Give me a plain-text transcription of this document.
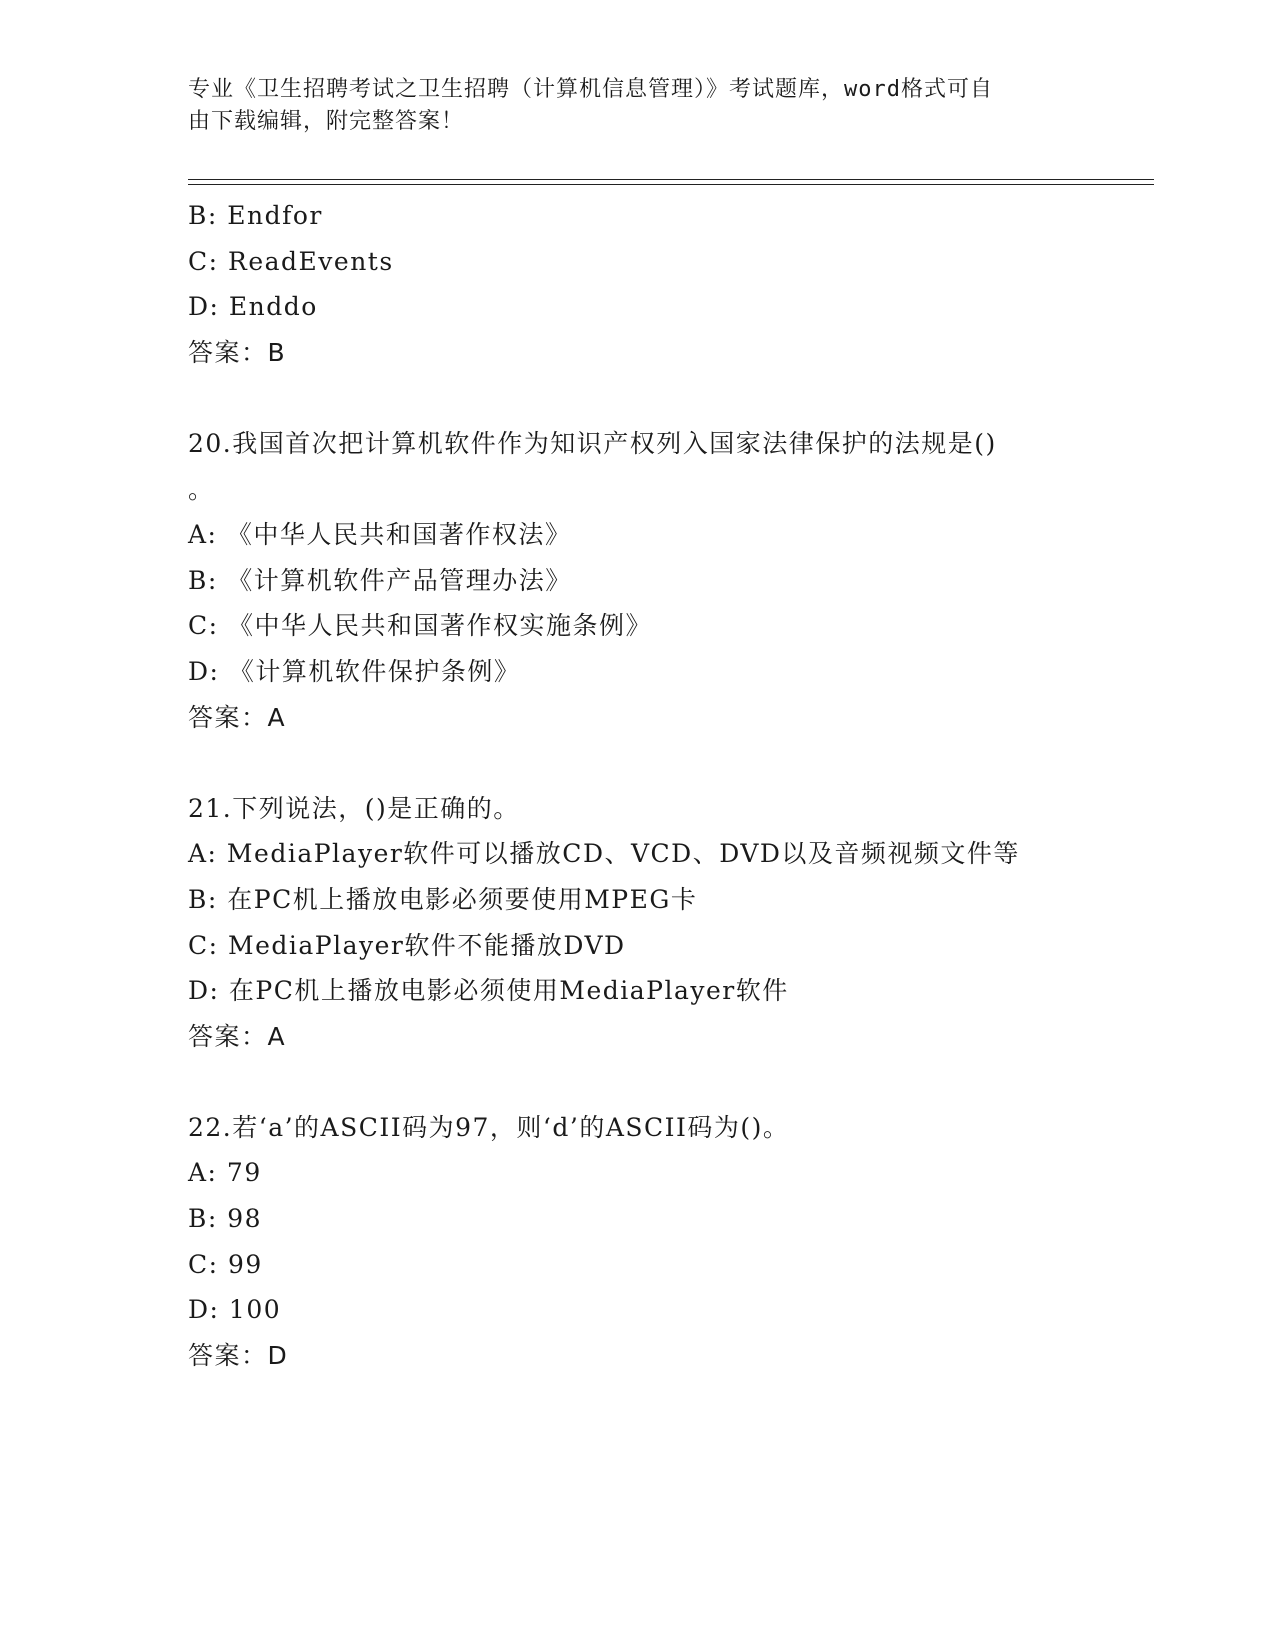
专业《卫生招聘考试之卫生招聘（计算机信息管理）》考试题库，word格式可自
由下载编辑，附完整答案！
B: Endfor
C: ReadEvents
D: Enddo
答案：B
20.我国首次把计算机软件作为知识产权列入国家法律保护的法规是()
。
A: 《中华人民共和国著作权法》
B: 《计算机软件产品管理办法》
C: 《中华人民共和国著作权实施条例》
D: 《计算机软件保护条例》
答案：A
21.下列说法，()是正确的。
A: MediaPlayer软件可以播放CD、VCD、DVD以及音频视频文件等
B: 在PC机上播放电影必须要使用MPEG卡
C: MediaPlayer软件不能播放DVD
D: 在PC机上播放电影必须使用MediaPlayer软件
答案：A
22.若‘a’的ASCII码为97，则‘d’的ASCII码为()。
A: 79
B: 98
C: 99
D: 100
答案：D
